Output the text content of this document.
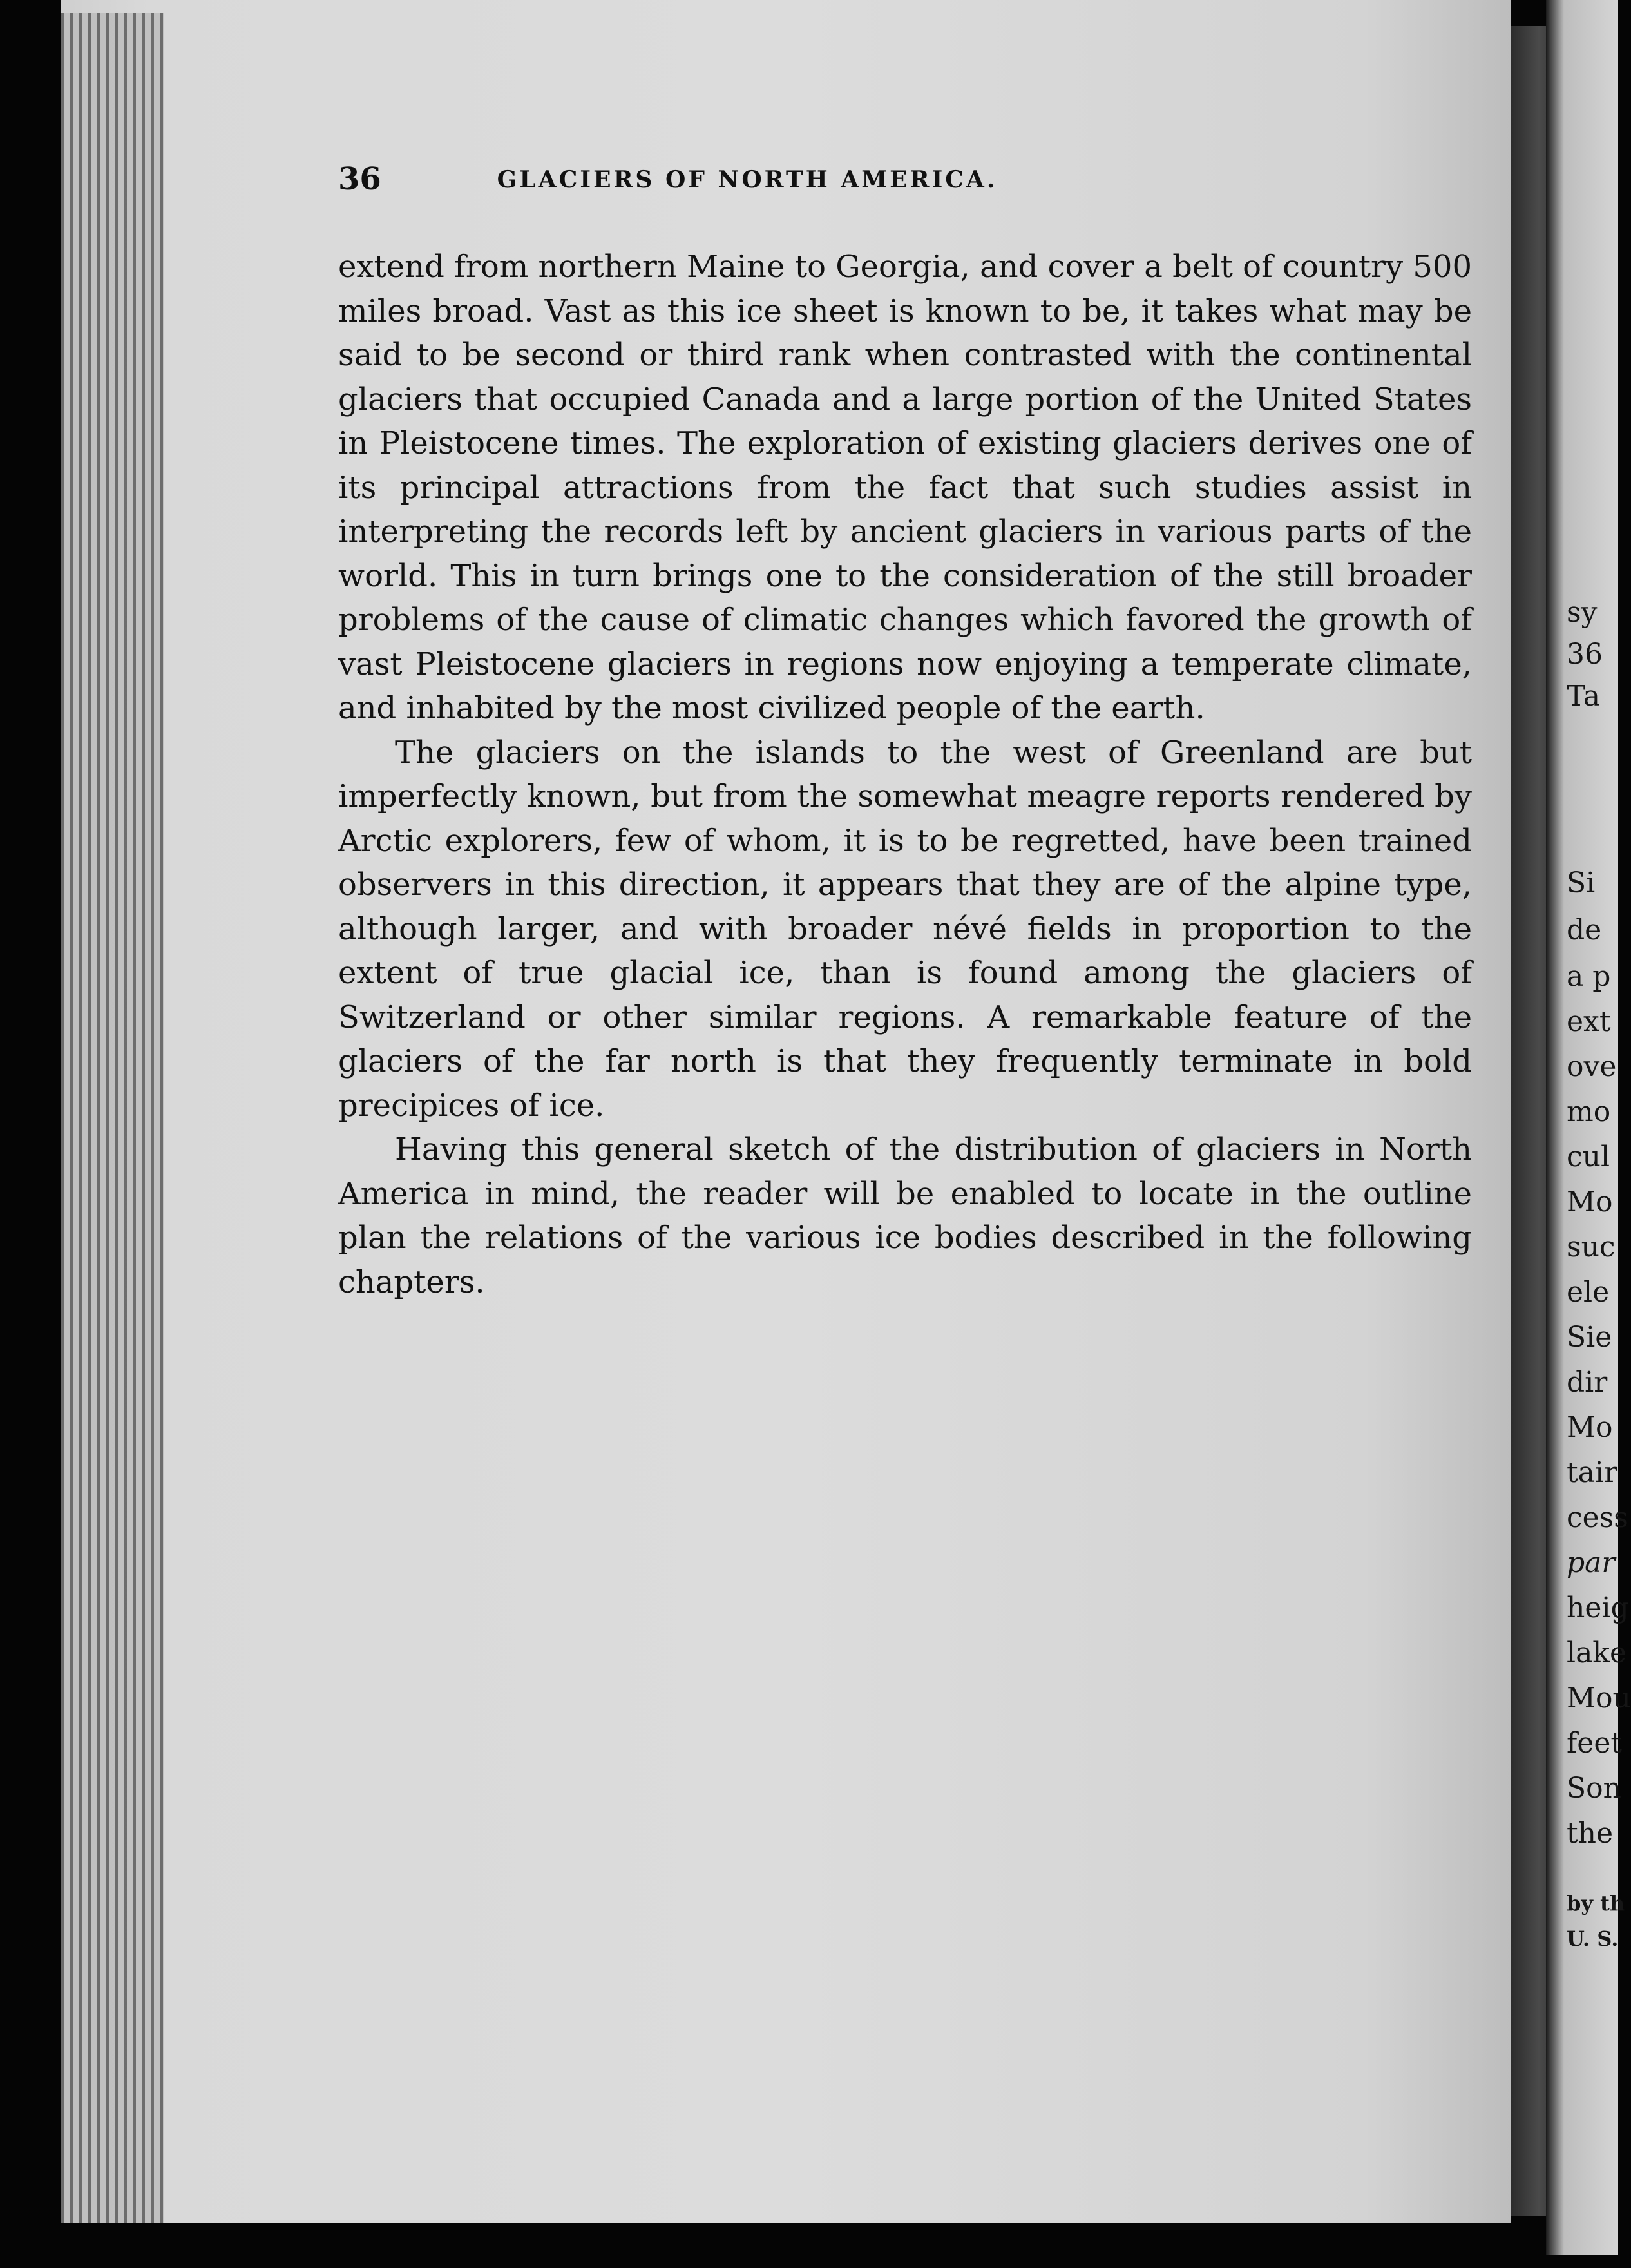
sy
36
Ta
Si
de
a p
ext
ove
mo
cul
Mo
suc
ele
Sie
dir
Mo
tair
cess
par
heig
lake
Mou
feet
Son
the
by th
U. S.
36	GLACIERS OF NORTH AMERICA.

extend from northern Maine to Georgia, and cover a belt of country 500 miles broad. Vast as this ice sheet is known to be, it takes what may be said to be second or third rank when contrasted with the continental glaciers that occupied Canada and a large portion of the United States in Pleistocene times. The exploration of existing glaciers derives one of its principal attractions from the fact that such studies assist in interpreting the records left by ancient glaciers in various parts of the world. This in turn brings one to the consideration of the still broader problems of the cause of climatic changes which favored the growth of vast Pleistocene glaciers in regions now enjoying a temperate climate, and inhabited by the most civilized people of the earth.

The glaciers on the islands to the west of Greenland are but imperfectly known, but from the somewhat meagre reports rendered by Arctic explorers, few of whom, it is to be regretted, have been trained observers in this direction, it appears that they are of the alpine type, although larger, and with broader névé fields in proportion to the extent of true glacial ice, than is found among the glaciers of Switzerland or other similar regions. A remarkable feature of the glaciers of the far north is that they frequently terminate in bold precipices of ice.

Having this general sketch of the distribution of glaciers in North America in mind, the reader will be enabled to locate in the outline plan the relations of the various ice bodies described in the following chapters.
